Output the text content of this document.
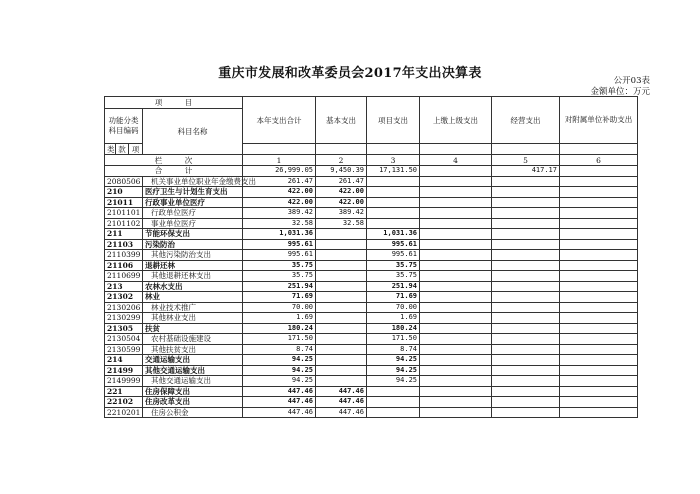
重庆市发展和改革委员会2017年支出决算表	公开03表
金额单位：万元
项　　　目				本年支出合计	基本支出	项目支出	上缴上级支出	经营支出	对附属单位补助支出
功能分类科目编码			科目名称						
类	款	项							
栏　　　次				1	2	3	4	5	6
合　　　计				26,999.05	9,450.39	17,131.50		417.17	
2080506			机关事业单位职业年金缴费支出	261.47	261.47				
210			医疗卫生与计划生育支出	422.00	422.00				
21011			行政事业单位医疗	422.00	422.00				
2101101			行政单位医疗	389.42	389.42				
2101102			事业单位医疗	32.58	32.58				
211			节能环保支出	1,031.36		1,031.36			
21103			污染防治	995.61		995.61			
2110399			其他污染防治支出	995.61		995.61			
21106			退耕还林	35.75		35.75			
2110699			其他退耕还林支出	35.75		35.75			
213			农林水支出	251.94		251.94			
21302			林业	71.69		71.69			
2130206			林业技术推广	70.00		70.00			
2130299			其他林业支出	1.69		1.69			
21305			扶贫	180.24		180.24			
2130504			农村基础设施建设	171.50		171.50			
2130599			其他扶贫支出	8.74		8.74			
214			交通运输支出	94.25		94.25			
21499			其他交通运输支出	94.25		94.25			
2149999			其他交通运输支出	94.25		94.25			
221			住房保障支出	447.46	447.46				
22102			住房改革支出	447.46	447.46				
2210201			住房公积金	447.46	447.46				
